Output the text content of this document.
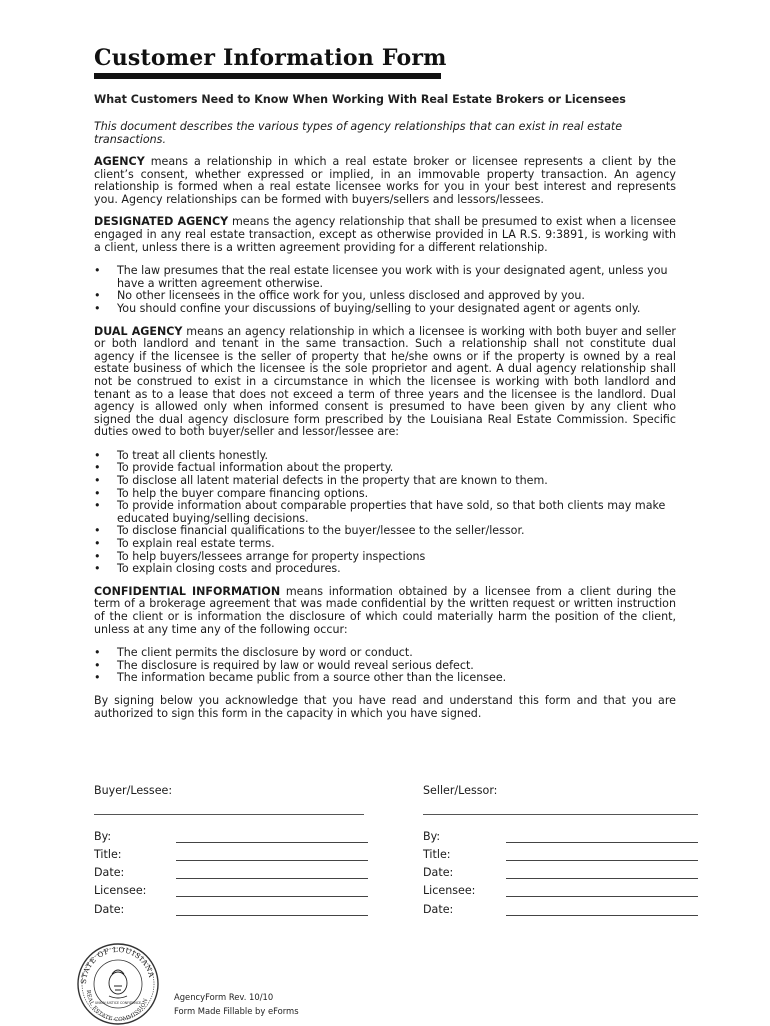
Customer Information Form
What Customers Need to Know When Working With Real Estate Brokers or Licensees
This document describes the various types of agency relationships that can exist in real estate transactions.

AGENCY means a relationship in which a real estate broker or licensee represents a client by the client’s consent, whether expressed or implied, in an immovable property transaction. An agency relationship is formed when a real estate licensee works for you in your best interest and represents you. Agency relationships can be formed with buyers/sellers and lessors/lessees.

DESIGNATED AGENCY means the agency relationship that shall be presumed to exist when a licensee engaged in any real estate transaction, except as otherwise provided in LA R.S. 9:3891, is working with a client, unless there is a written agreement providing for a different relationship.

• The law presumes that the real estate licensee you work with is your designated agent, unless you have a written agreement otherwise.
• No other licensees in the office work for you, unless disclosed and approved by you.
• You should confine your discussions of buying/selling to your designated agent or agents only.

DUAL AGENCY means an agency relationship in which a licensee is working with both buyer and seller or both landlord and tenant in the same transaction. Such a relationship shall not constitute dual agency if the licensee is the seller of property that he/she owns or if the property is owned by a real estate business of which the licensee is the sole proprietor and agent. A dual agency relationship shall not be construed to exist in a circumstance in which the licensee is working with both landlord and tenant as to a lease that does not exceed a term of three years and the licensee is the landlord. Dual agency is allowed only when informed consent is presumed to have been given by any client who signed the dual agency disclosure form prescribed by the Louisiana Real Estate Commission. Specific duties owed to both buyer/seller and lessor/lessee are:

• To treat all clients honestly.
• To provide factual information about the property.
• To disclose all latent material defects in the property that are known to them.
• To help the buyer compare financing options.
• To provide information about comparable properties that have sold, so that both clients may make educated buying/selling decisions.
• To disclose financial qualifications to the buyer/lessee to the seller/lessor.
• To explain real estate terms.
• To help buyers/lessees arrange for property inspections
• To explain closing costs and procedures.

CONFIDENTIAL INFORMATION means information obtained by a licensee from a client during the term of a brokerage agreement that was made confidential by the written request or written instruction of the client or is information the disclosure of which could materially harm the position of the client, unless at any time any of the following occur:

• The client permits the disclosure by word or conduct.
• The disclosure is required by law or would reveal serious defect.
• The information became public from a source other than the licensee.

By signing below you acknowledge that you have read and understand this form and that you are authorized to sign this form in the capacity in which you have signed.

Buyer/Lessee:	Seller/Lessor:
By:	By:
Title:	Title:
Date:	Date:
Licensee:	Licensee:
Date:	Date:
STATE OF LOUISIANA
REAL ESTATE COMMISSION
UNION JUSTICE CONFIDENCE
AgencyForm Rev. 10/10
Form Made Fillable by eForms
